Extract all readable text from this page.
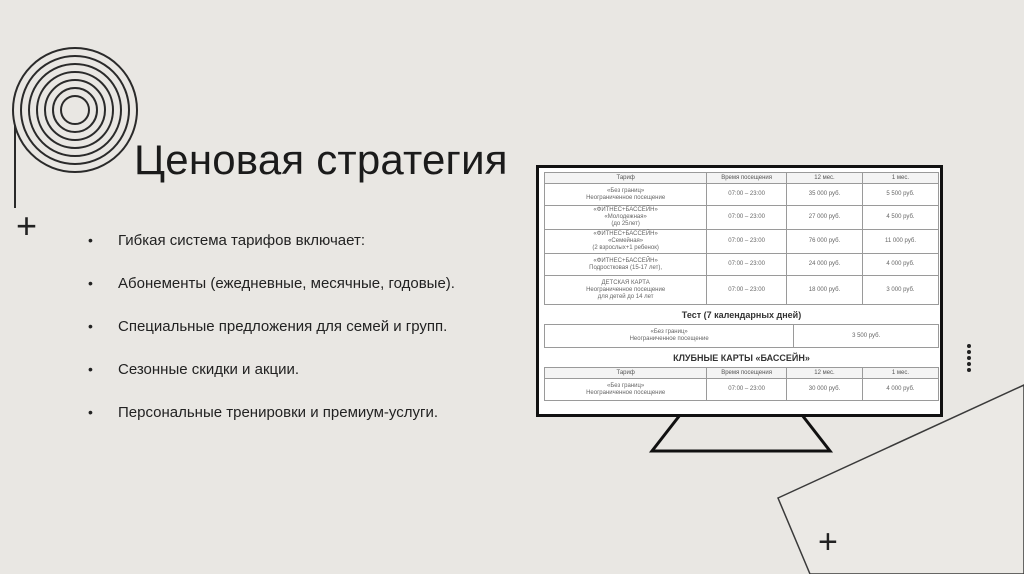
+
+
Ценовая стратегия
• Гибкая система тарифов включает:
• Абонементы (ежедневные, месячные, годовые).
• Специальные предложения для семей и групп.
• Сезонные скидки и акции.
• Персональные тренировки и премиум-услуги.
Тариф	Время посещения	12 мес.	1 мес.

«Без границ»
Неограниченное посещение	07:00 – 23:00	35 000 руб.	5 500 руб.

«ФИТНЕС+БАССЕЙН»
«Молодежная»
(до 25лет)	07:00 – 23:00	27 000 руб.	4 500 руб.

«ФИТНЕС+БАССЕЙН»
«Семейная»
(2 взрослых+1 ребенок)	07:00 – 23:00	76 000 руб.	11 000 руб.

«ФИТНЕС+БАССЕЙН»
Подростковая (15-17 лет),	07:00 – 23:00	24 000 руб.	4 000 руб.

ДЕТСКАЯ КАРТА
Неограниченное посещение
для детей до 14 лет	07:00 – 23:00	18 000 руб.	3 000 руб.
Тест (7 календарных дней)
«Без границ»
Неограниченное посещение
	3 500 руб.
КЛУБНЫЕ КАРТЫ «БАССЕЙН»
Тариф	Время посещения	12 мес.	1 мес.

«Без границ»
Неограниченное посещение	07:00 – 23:00	30 000 руб.	4 000 руб.
